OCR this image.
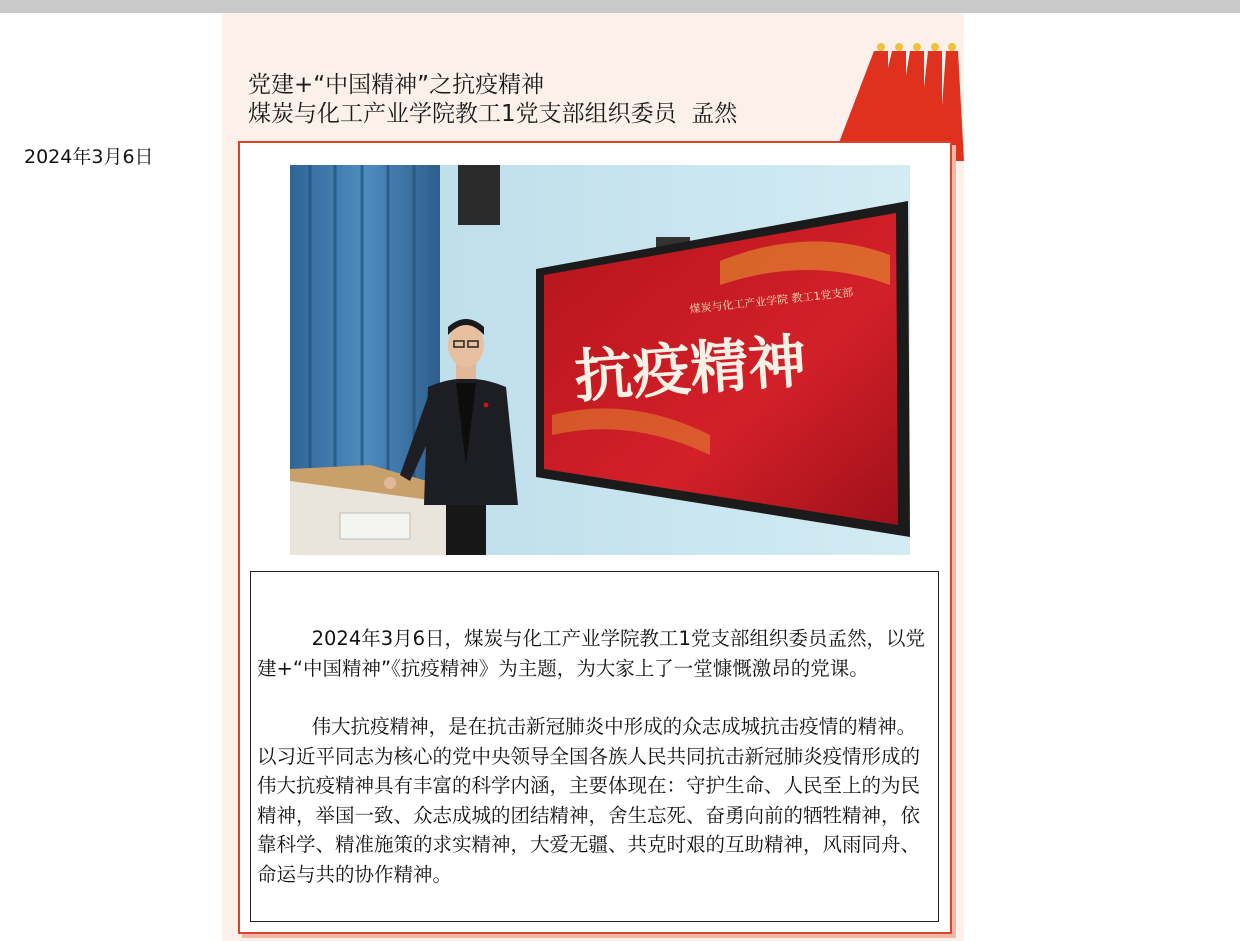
2024年3月6日
党建+“中国精神”之抗疫精神
煤炭与化工产业学院教工1党支部组织委员  孟然
抗疫精神
煤炭与化工产业学院 教工1党支部

2024年3月6日，煤炭与化工产业学院教工1党支部组织委员孟然，以党建+“中国精神”《抗疫精神》为主题，为大家上了一堂慷慨激昂的党课。

伟大抗疫精神，是在抗击新冠肺炎中形成的众志成城抗击疫情的精神。以习近平同志为核心的党中央领导全国各族人民共同抗击新冠肺炎疫情形成的伟大抗疫精神具有丰富的科学内涵，主要体现在：守护生命、人民至上的为民精神，举国一致、众志成城的团结精神，舍生忘死、奋勇向前的牺牲精神，依靠科学、精准施策的求实精神，大爱无疆、共克时艰的互助精神，风雨同舟、命运与共的协作精神。
